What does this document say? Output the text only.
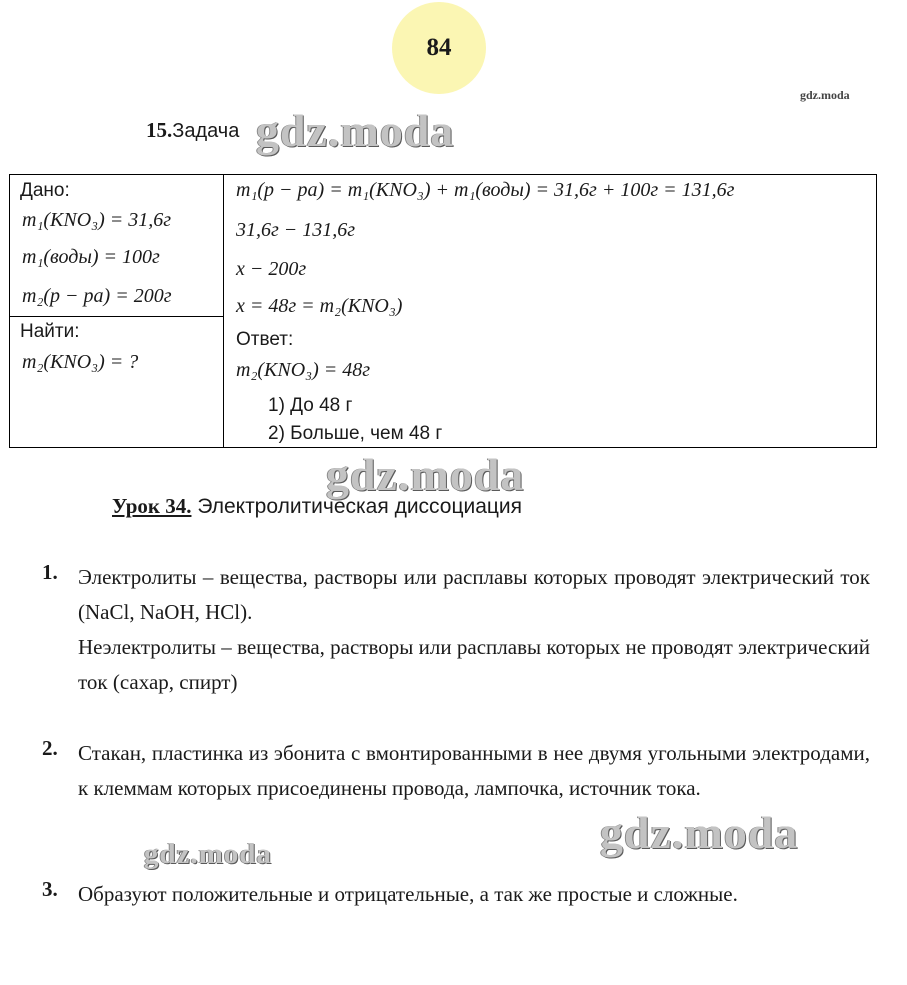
84
gdz.moda
15.Задача gdz.moda
Дано:
m₁(KNO₃) = 31,6г
m₁(воды) = 100г
m₂(р − ра) = 200г
Найти:
m₂(KNO₃) = ?
m₁(р − ра) = m₁(KNO₃) + m₁(воды) = 31,6г + 100г = 131,6г
31,6г − 131,6г
x − 200г
x = 48г = m₂(KNO₃)
Ответ:
m₂(KNO₃) = 48г
1) До 48 г
2) Больше, чем 48 г
gdz.moda
Урок 34. Электролитическая диссоциация
1. Электролиты – вещества, растворы или расплавы которых проводят электрический ток (NaCl, NaOH, HCl).

Неэлектролиты – вещества, растворы или расплавы которых не проводят электрический ток (сахар, спирт)

2. Стакан, пластинка из эбонита с вмонтированными в нее двумя угольными электродами, к клеммам которых присоединены провода, лампочка, источник тока.

gdz.moda
gdz.moda
3. Образуют положительные и отрицательные, а так же простые и сложные.
